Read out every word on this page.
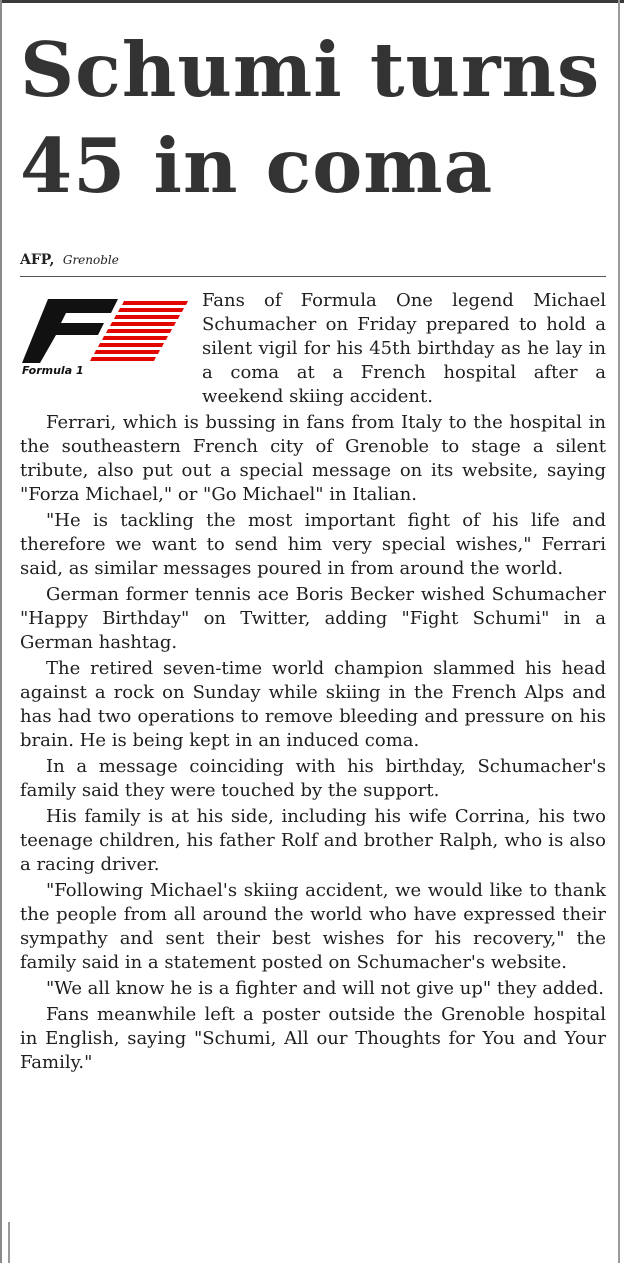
Schumi turns 45 in coma
AFP, Grenoble
Formula 1

Fans of Formula One legend Michael Schumacher on Friday prepared to hold a silent vigil for his 45th birthday as he lay in a coma at a French hospital after a weekend skiing accident.

Ferrari, which is bussing in fans from Italy to the hospital in the southeastern French city of Grenoble to stage a silent tribute, also put out a special message on its website, saying "Forza Michael," or "Go Michael" in Italian.

"He is tackling the most important fight of his life and therefore we want to send him very special wishes," Ferrari said, as similar messages poured in from around the world.

German former tennis ace Boris Becker wished Schumacher "Happy Birthday" on Twitter, adding "Fight Schumi" in a German hashtag.

The retired seven-time world champion slammed his head against a rock on Sunday while skiing in the French Alps and has had two operations to remove bleeding and pressure on his brain. He is being kept in an induced coma.

In a message coinciding with his birthday, Schumacher's family said they were touched by the support.

His family is at his side, including his wife Corrina, his two teenage children, his father Rolf and brother Ralph, who is also a racing driver.

"Following Michael's skiing accident, we would like to thank the people from all around the world who have expressed their sympathy and sent their best wishes for his recovery," the family said in a statement posted on Schumacher's website.

"We all know he is a fighter and will not give up" they added.

Fans meanwhile left a poster outside the Grenoble hospital in English, saying "Schumi, All our Thoughts for You and Your Family."
